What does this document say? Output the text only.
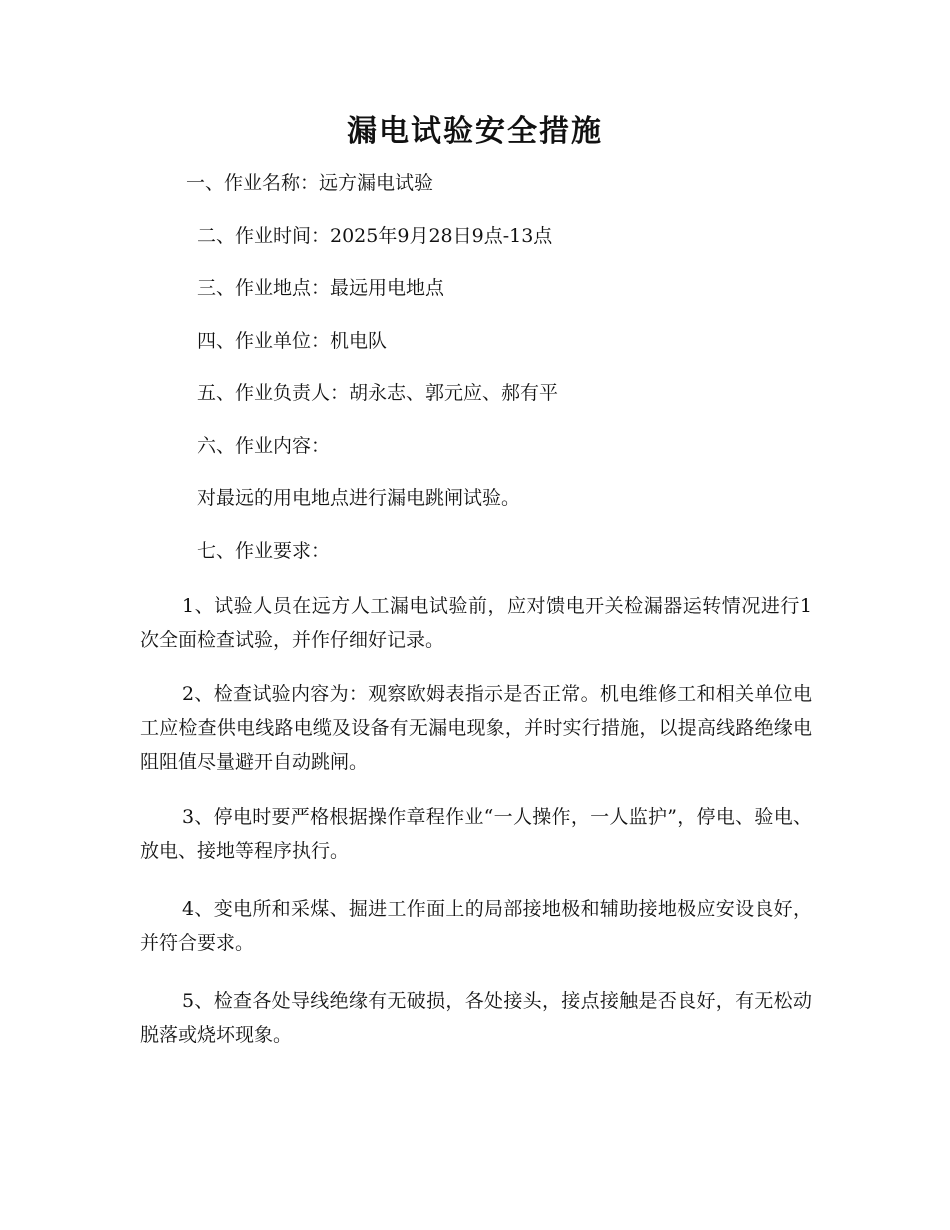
漏电试验安全措施

一、作业名称：远方漏电试验

二、作业时间：2025年9月28日9点-13点

三、作业地点：最远用电地点

四、作业单位：机电队

五、作业负责人：胡永志、郭元应、郝有平

六、作业内容：

对最远的用电地点进行漏电跳闸试验。

七、作业要求：

1、试验人员在远方人工漏电试验前，应对馈电开关检漏器运转情况进行1次全面检查试验，并作仔细好记录。

2、检查试验内容为：观察欧姆表指示是否正常。机电维修工和相关单位电工应检查供电线路电缆及设备有无漏电现象，并时实行措施，以提高线路绝缘电阻阻值尽量避开自动跳闸。

3、停电时要严格根据操作章程作业“一人操作，一人监护”，停电、验电、放电、接地等程序执行。

4、变电所和采煤、掘进工作面上的局部接地极和辅助接地极应安设良好，并符合要求。

5、检查各处导线绝缘有无破损，各处接头，接点接触是否良好，有无松动脱落或烧坏现象。
